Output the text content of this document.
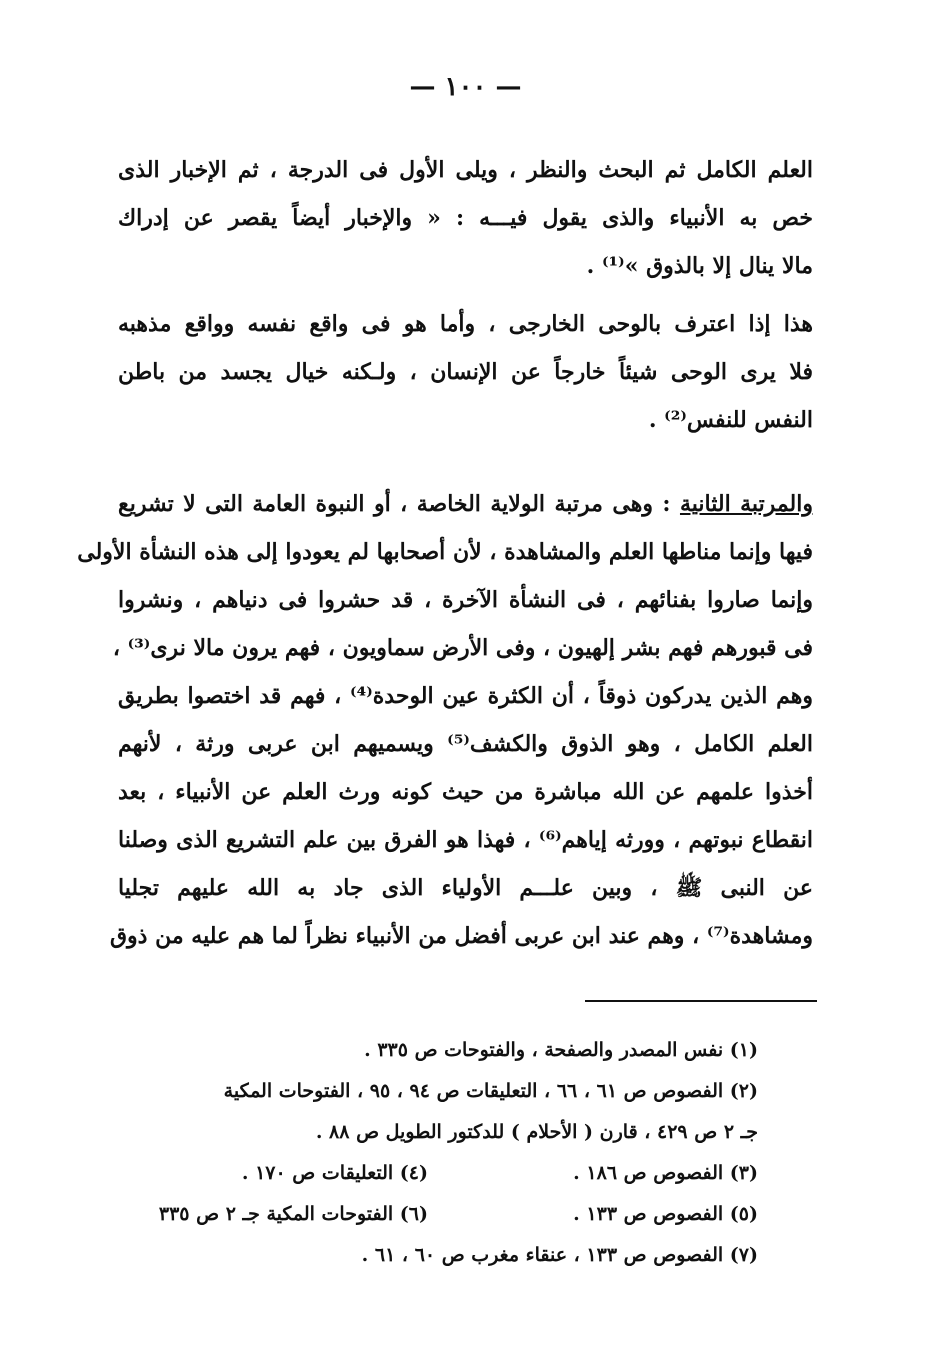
— ١٠٠ —
العلم الكامل ثم البحث والنظر ، ويلى الأول فى الدرجة ، ثم الإخبار الذى
خص به الأنبياء والذى يقول فيـــه : « والإخبار أيضاً يقصر عن إدراك
مالا ينال إلا بالذوق »⁽¹⁾ .
هذا إذا اعترف بالوحى الخارجى ، وأما هو فى واقع نفسه وواقع مذهبه
فلا يرى الوحى شيئاً خارجاً عن الإنسان ، ولـكنه خيال يجسد من باطن
النفس للنفس⁽²⁾ .
والمرتبة الثانية : وهى مرتبة الولاية الخاصة ، أو النبوة العامة التى لا تشريع
فيها وإنما مناطها العلم والمشاهدة ، لأن أصحابها لم يعودوا إلى هذه النشأة الأولى
وإنما صاروا بفنائهم ، فى النشأة الآخرة ، قد حشروا فى دنياهم ، ونشروا
فى قبورهم فهم بشر إلهيون ، وفى الأرض سماويون ، فهم يرون مالا نرى⁽³⁾ ،
وهم الذين يدركون ذوقاً ، أن الكثرة عين الوحدة⁽⁴⁾ ، فهم قد اختصوا بطريق
العلم الكامل ، وهو الذوق والكشف⁽⁵⁾ ويسميهم ابن عربى ورثة ، لأنهم
أخذوا علمهم عن الله مباشرة من حيث كونه ورث العلم عن الأنبياء ، بعد
انقطاع نبوتهم ، وورثه إياهم⁽⁶⁾ ، فهذا هو الفرق بين علم التشريع الذى وصلنا
عن النبى ﷺ ، وبين علـــم الأولياء الذى جاد به الله عليهم تجليا
ومشاهدة⁽⁷⁾ ، وهم عند ابن عربى أفضل من الأنبياء نظراً لما هم عليه من ذوق
(١) نفس المصدر والصفحة ، والفتوحات ص ٣٣٥ .
(٢) الفصوص ص ٦١ ، ٦٦ ، التعليقات ص ٩٤ ، ٩٥ ، الفتوحات المكية
جـ ٢ ص ٤٢٩ ، قارن ( الأحلام ) للدكتور الطويل ص ٨٨ .
(٣) الفصوص ص ١٨٦ .
(٤) التعليقات ص ١٧٠ .
(٥) الفصوص ص ١٣٣ .
(٦) الفتوحات المكية جـ ٢ ص ٣٣٥
(٧) الفصوص ص ١٣٣ ، عنقاء مغرب ص ٦٠ ، ٦١ .
